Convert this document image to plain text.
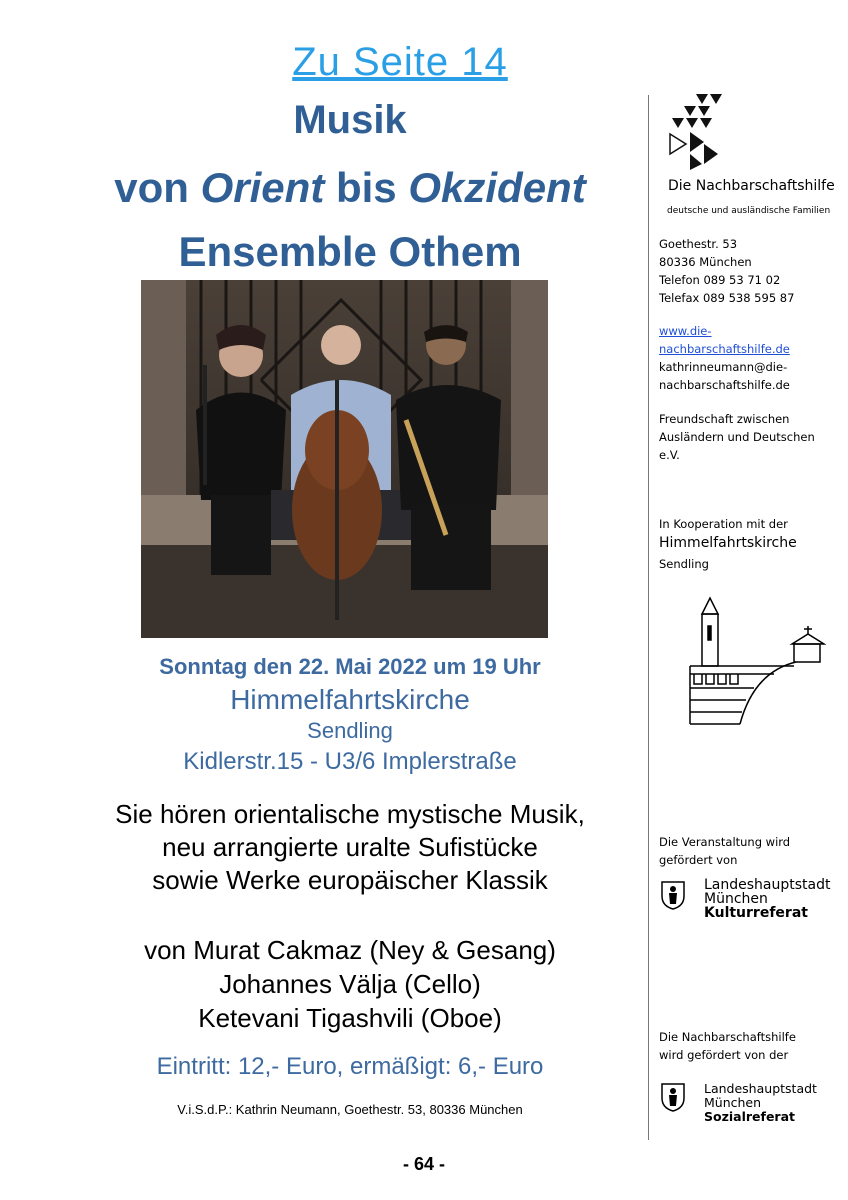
Zu Seite 14
Musik
von Orient bis Okzident
Ensemble Othem
Sonntag den 22. Mai 2022 um 19 Uhr
Himmelfahrtskirche
Sendling
Kidlerstr.15 - U3/6 Implerstraße
Sie hören orientalische mystische Musik,
neu arrangierte uralte Sufistücke
sowie Werke europäischer Klassik
von Murat Cakmaz (Ney & Gesang)
Johannes Välja (Cello)
Ketevani Tigashvili (Oboe)
Eintritt: 12,- Euro, ermäßigt: 6,- Euro
V.i.S.d.P.: Kathrin Neumann, Goethestr. 53, 80336 München
- 64 -
Die Nachbarschaftshilfe
deutsche und ausländische Familien
Goethestr. 53
80336 München
Telefon 089 53 71 02
Telefax 089 538 595 87
www.die-
nachbarschaftshilfe.de
kathrinneumann@die-
nachbarschaftshilfe.de
Freundschaft zwischen
Ausländern und Deutschen
e.V.
In Kooperation mit der
Himmelfahrtskirche
Sendling
Die Veranstaltung wird
gefördert von
Landeshauptstadt
München
Kulturreferat
Die Nachbarschaftshilfe
wird gefördert von der
Landeshauptstadt
München
Sozialreferat
